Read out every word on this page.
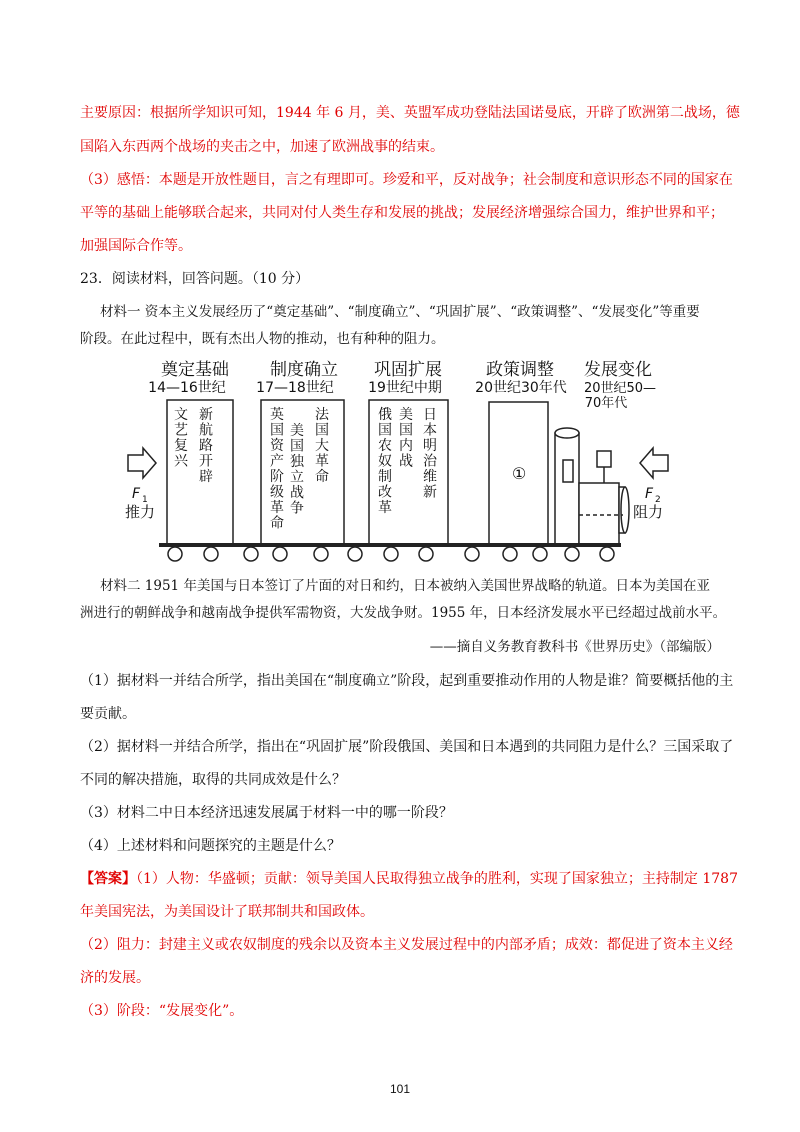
主要原因：根据所学知识可知，1944 年 6 月，美、英盟军成功登陆法国诺曼底，开辟了欧洲第二战场，德
国陷入东西两个战场的夹击之中，加速了欧洲战事的结束。
（3）感悟：本题是开放性题目，言之有理即可。珍爱和平，反对战争；社会制度和意识形态不同的国家在
平等的基础上能够联合起来，共同对付人类生存和发展的挑战；发展经济增强综合国力，维护世界和平；
加强国际合作等。
23．阅读材料，回答问题。（10 分）
材料一 资本主义发展经历了“奠定基础”、“制度确立”、“巩固扩展”、“政策调整”、“发展变化”等重要
阶段。在此过程中，既有杰出人物的推动，也有种种的阻力。
奠定基础
14—16世纪
制度确立
17—18世纪
巩固扩展
19世纪中期
政策调整
20世纪30年代
发展变化
20世纪50—
70年代
文艺复兴
新航路开辟
英国资产阶级革命
美国独立战争
法国大革命
俄国农奴制改革
美国内战
日本明治维新
①
F 1
推力
F 2
阻力
材料二 1951 年美国与日本签订了片面的对日和约，日本被纳入美国世界战略的轨道。日本为美国在亚
洲进行的朝鲜战争和越南战争提供军需物资，大发战争财。1955 年，日本经济发展水平已经超过战前水平。
——摘自义务教育教科书《世界历史》（部编版）
（1）据材料一并结合所学，指出美国在“制度确立”阶段，起到重要推动作用的人物是谁？简要概括他的主
要贡献。
（2）据材料一并结合所学，指出在“巩固扩展”阶段俄国、美国和日本遇到的共同阻力是什么？三国采取了
不同的解决措施，取得的共同成效是什么？
（3）材料二中日本经济迅速发展属于材料一中的哪一阶段？
（4）上述材料和问题探究的主题是什么？
【答案】（1）人物：华盛顿；贡献：领导美国人民取得独立战争的胜利，实现了国家独立；主持制定 1787
年美国宪法，为美国设计了联邦制共和国政体。
（2）阻力：封建主义或农奴制度的残余以及资本主义发展过程中的内部矛盾；成效：都促进了资本主义经
济的发展。
（3）阶段：“发展变化”。
101
